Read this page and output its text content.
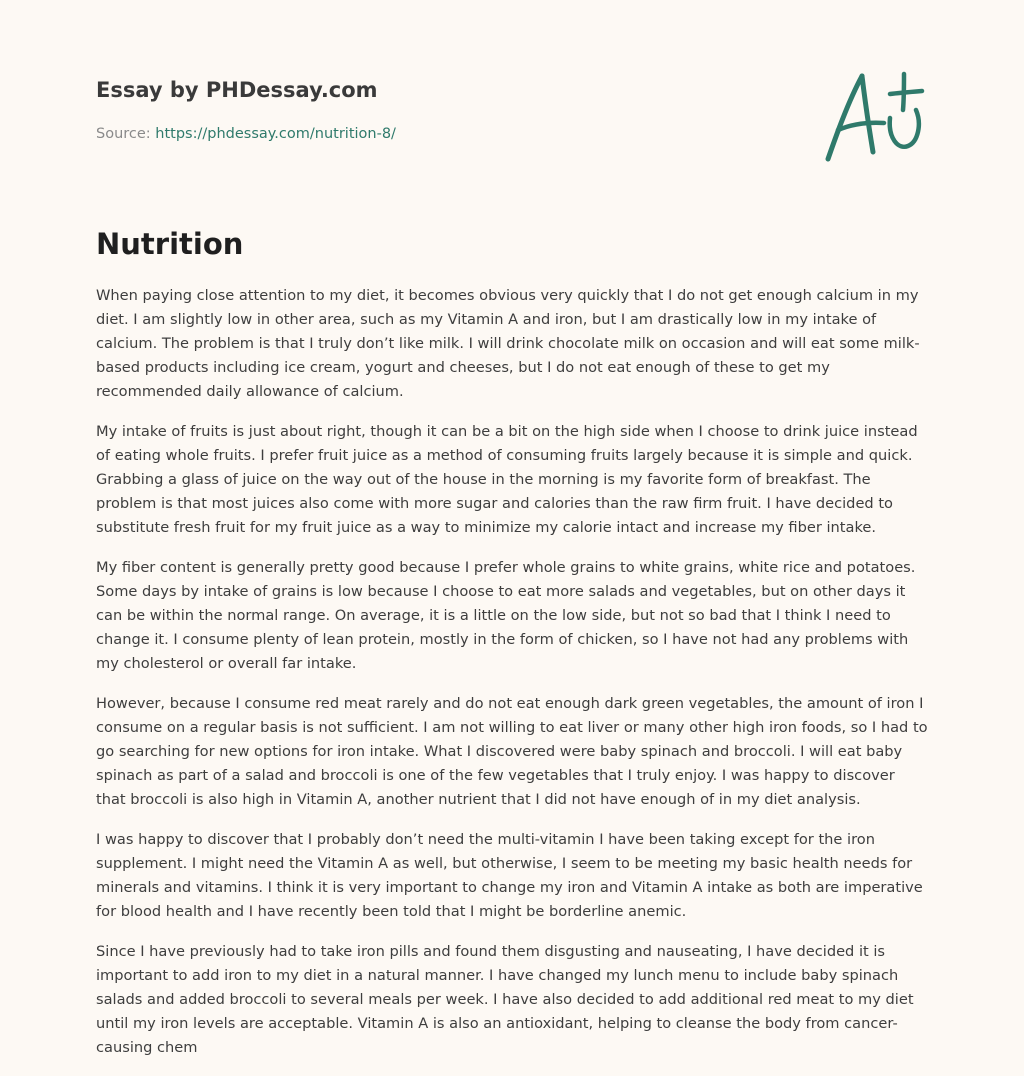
Essay by PHDessay.com
Source: https://phdessay.com/nutrition-8/
Nutrition

When paying close attention to my diet, it becomes obvious very quickly that I do not get enough calcium in my diet. I am slightly low in other area, such as my Vitamin A and iron, but I am drastically low in my intake of calcium. The problem is that I truly don’t like milk. I will drink chocolate milk on occasion and will eat some milk-based products including ice cream, yogurt and cheeses, but I do not eat enough of these to get my recommended daily allowance of calcium.

My intake of fruits is just about right, though it can be a bit on the high side when I choose to drink juice instead of eating whole fruits. I prefer fruit juice as a method of consuming fruits largely because it is simple and quick. Grabbing a glass of juice on the way out of the house in the morning is my favorite form of breakfast. The problem is that most juices also come with more sugar and calories than the raw firm fruit. I have decided to substitute fresh fruit for my fruit juice as a way to minimize my calorie intact and increase my fiber intake.

My fiber content is generally pretty good because I prefer whole grains to white grains, white rice and potatoes. Some days by intake of grains is low because I choose to eat more salads and vegetables, but on other days it can be within the normal range. On average, it is a little on the low side, but not so bad that I think I need to change it. I consume plenty of lean protein, mostly in the form of chicken, so I have not had any problems with my cholesterol or overall far intake.

However, because I consume red meat rarely and do not eat enough dark green vegetables, the amount of iron I consume on a regular basis is not sufficient. I am not willing to eat liver or many other high iron foods, so I had to go searching for new options for iron intake. What I discovered were baby spinach and broccoli. I will eat baby spinach as part of a salad and broccoli is one of the few vegetables that I truly enjoy. I was happy to discover that broccoli is also high in Vitamin A, another nutrient that I did not have enough of in my diet analysis.

I was happy to discover that I probably don’t need the multi-vitamin I have been taking except for the iron supplement. I might need the Vitamin A as well, but otherwise, I seem to be meeting my basic health needs for minerals and vitamins. I think it is very important to change my iron and Vitamin A intake as both are imperative for blood health and I have recently been told that I might be borderline anemic.

Since I have previously had to take iron pills and found them disgusting and nauseating, I have decided it is important to add iron to my diet in a natural manner. I have changed my lunch menu to include baby spinach salads and added broccoli to several meals per week. I have also decided to add additional red meat to my diet until my iron levels are acceptable. Vitamin A is also an antioxidant, helping to cleanse the body from cancer-causing chem
